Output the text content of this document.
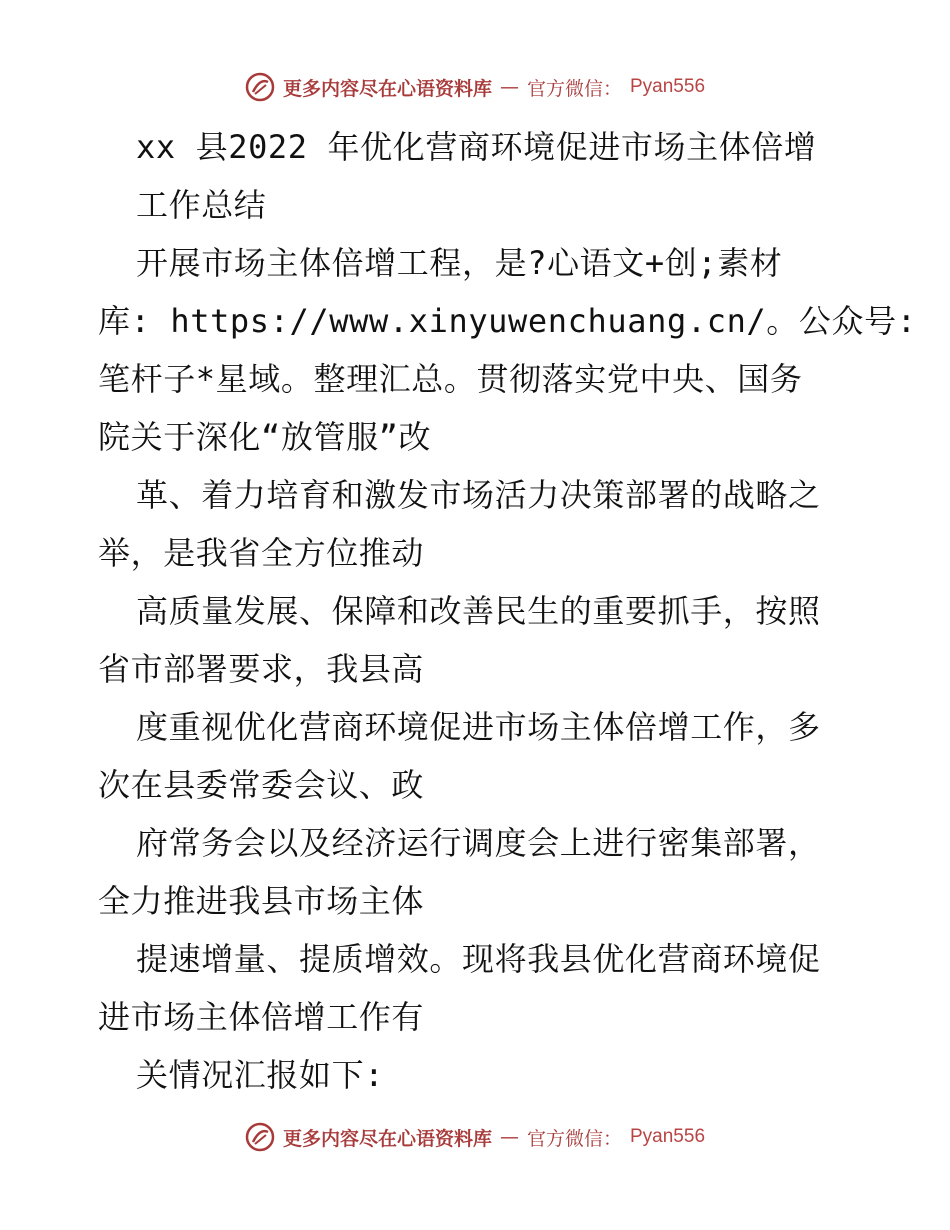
更多内容尽在心语资料库 — 官方微信： Pyan556
xx 县2022 年优化营商环境促进市场主体倍增
工作总结
开展市场主体倍增工程，是?心语文+创;素材
库: https://www.xinyuwenchuang.cn/。公众号:
笔杆子*星域。整理汇总。贯彻落实党中央、国务
院关于深化“放管服”改
革、着力培育和激发市场活力决策部署的战略之
举，是我省全方位推动
高质量发展、保障和改善民生的重要抓手，按照
省市部署要求，我县高
度重视优化营商环境促进市场主体倍增工作，多
次在县委常委会议、政
府常务会以及经济运行调度会上进行密集部署，
全力推进我县市场主体
提速增量、提质增效。现将我县优化营商环境促
进市场主体倍增工作有
关情况汇报如下:
更多内容尽在心语资料库 — 官方微信： Pyan556
